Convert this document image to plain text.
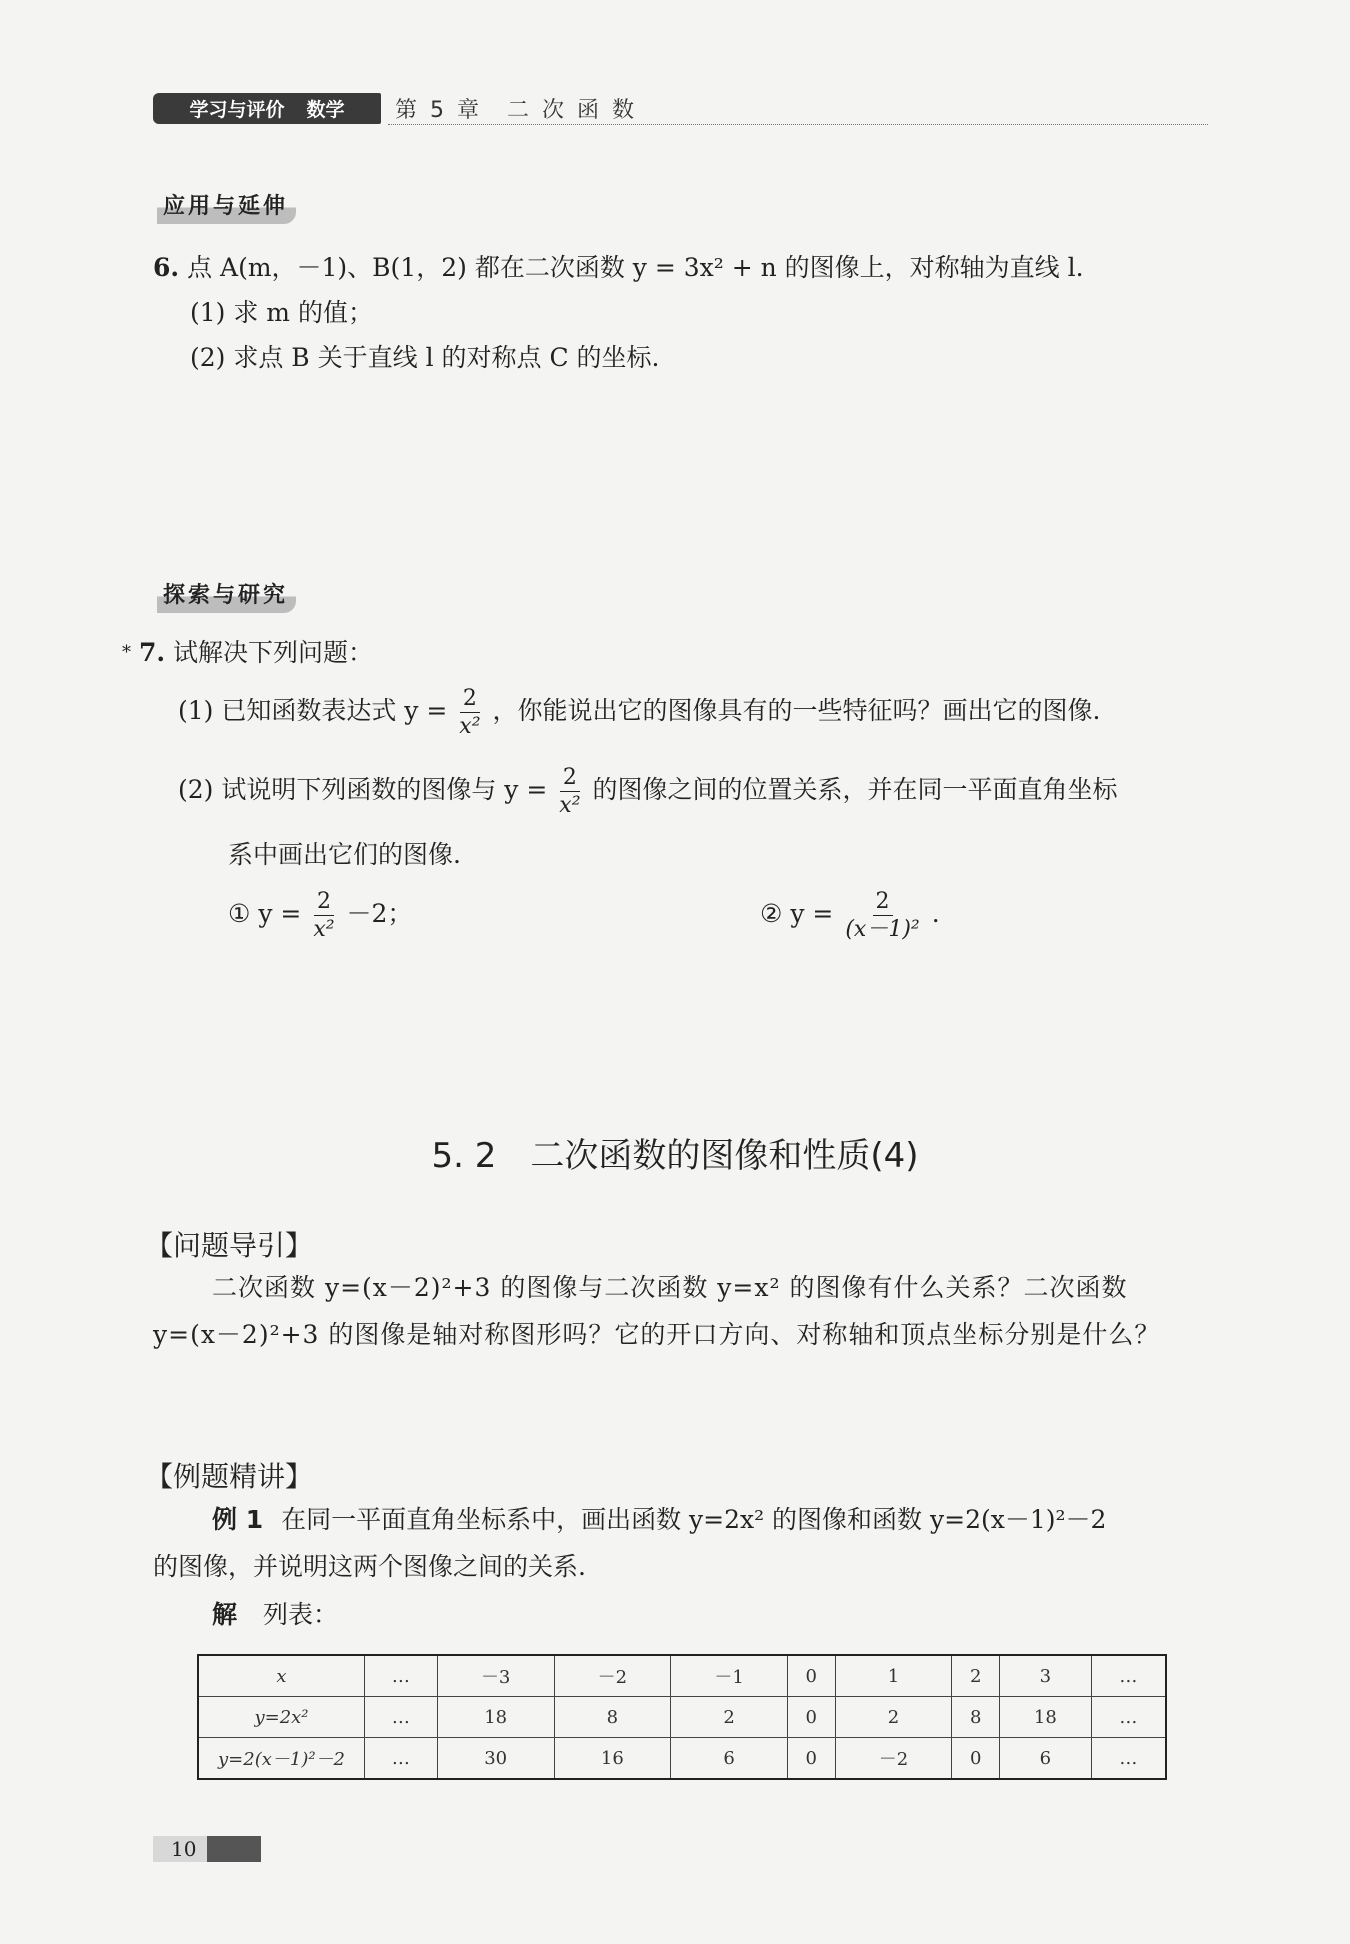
学习与评价 数学 第 5 章　二 次 函 数
应用与延伸
6. 点 A(m，－1)、B(1，2) 都在二次函数 y = 3x² + n 的图像上，对称轴为直线 l.
(1) 求 m 的值；
(2) 求点 B 关于直线 l 的对称点 C 的坐标.
探索与研究
* 7. 试解决下列问题：
(1) 已知函数表达式 $y = \frac{2}{\text{x²}}$ ，你能说出它的图像具有的一些特征吗？画出它的图像.
(2) 试说明下列函数的图像与 $y = \frac{2}{\text{x²}}$ 的图像之间的位置关系，并在同一平面直角坐标
系中画出它们的图像.
① $y = \frac{2}{\text{x²}} -2$；	② $y = \frac{2}{\text{(x－1)²}}$ .
5. 2　二次函数的图像和性质(4)
【问题导引】
二次函数 y=(x－2)²+3 的图像与二次函数 y=x² 的图像有什么关系？二次函数
y=(x－2)²+3 的图像是轴对称图形吗？它的开口方向、对称轴和顶点坐标分别是什么？
【例题精讲】
例 1 在同一平面直角坐标系中，画出函数 y=2x² 的图像和函数 y=2(x－1)²－2
的图像，并说明这两个图像之间的关系.
解 列表：
x	…	－3	－2	－1	0	1	2	3	…
y=2x²	…	18	8	2	0	2	8	18	…
y=2(x－1)²－2	…	30	16	6	0	－2	0	6	…
10
